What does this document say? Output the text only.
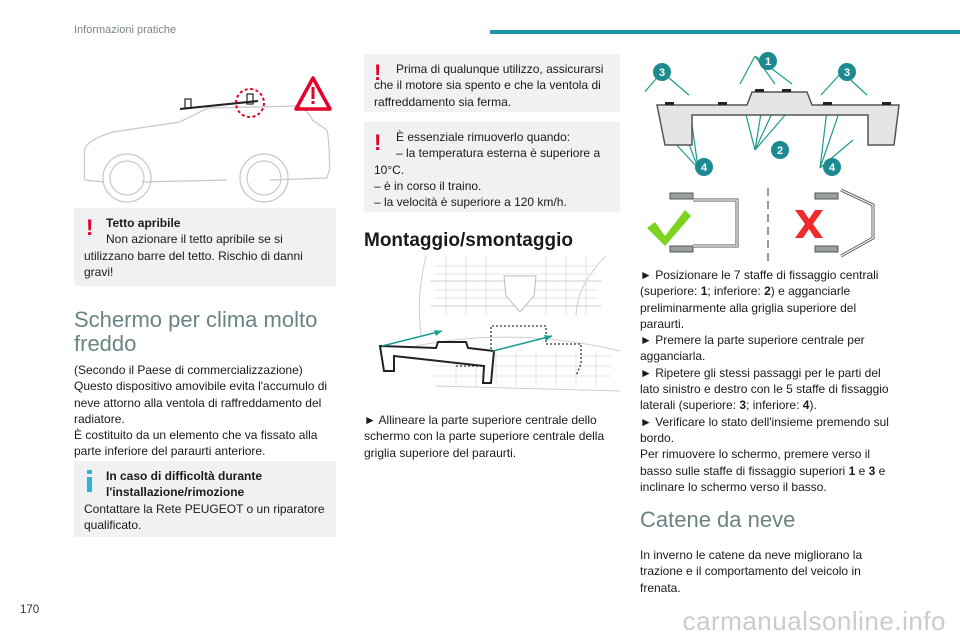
Informazioni pratiche
!	Tetto apribile

Non azionare il tetto apribile se si utilizzano barre del tetto. Rischio di danni gravi!

Schermo per clima molto freddo

(Secondo il Paese di commercializzazione)

Questo dispositivo amovibile evita l'accumulo di neve attorno alla ventola di raffreddamento del radiatore.

È costituito da un elemento che va fissato alla parte inferiore del paraurti anteriore.

In caso di difficoltà durante l'installazione/rimozione

Contattare la Rete PEUGEOT o un riparatore qualificato.

!	Prima di qualunque utilizzo, assicurarsi che il motore sia spento e che la ventola di raffreddamento sia ferma.

!	È essenziale rimuoverlo quando:

– la temperatura esterna è superiore a 10°C.

– è in corso il traino.

– la velocità è superiore a 120 km/h.

Montaggio/smontaggio

► Allineare la parte superiore centrale dello schermo con la parte superiore centrale della griglia superiore del paraurti.

1
2
3	3
4	4

► Posizionare le 7 staffe di fissaggio centrali (superiore: 1; inferiore: 2) e agganciarle preliminarmente alla griglia superiore del paraurti.

► Premere la parte superiore centrale per agganciarla.

► Ripetere gli stessi passaggi per le parti del lato sinistro e destro con le 5 staffe di fissaggio laterali (superiore: 3; inferiore: 4).

► Verificare lo stato dell'insieme premendo sul bordo.

Per rimuovere lo schermo, premere verso il basso sulle staffe di fissaggio superiori 1 e 3 e inclinare lo schermo verso il basso.

Catene da neve

In inverno le catene da neve migliorano la trazione e il comportamento del veicolo in frenata.

170	carmanualsonline.info
